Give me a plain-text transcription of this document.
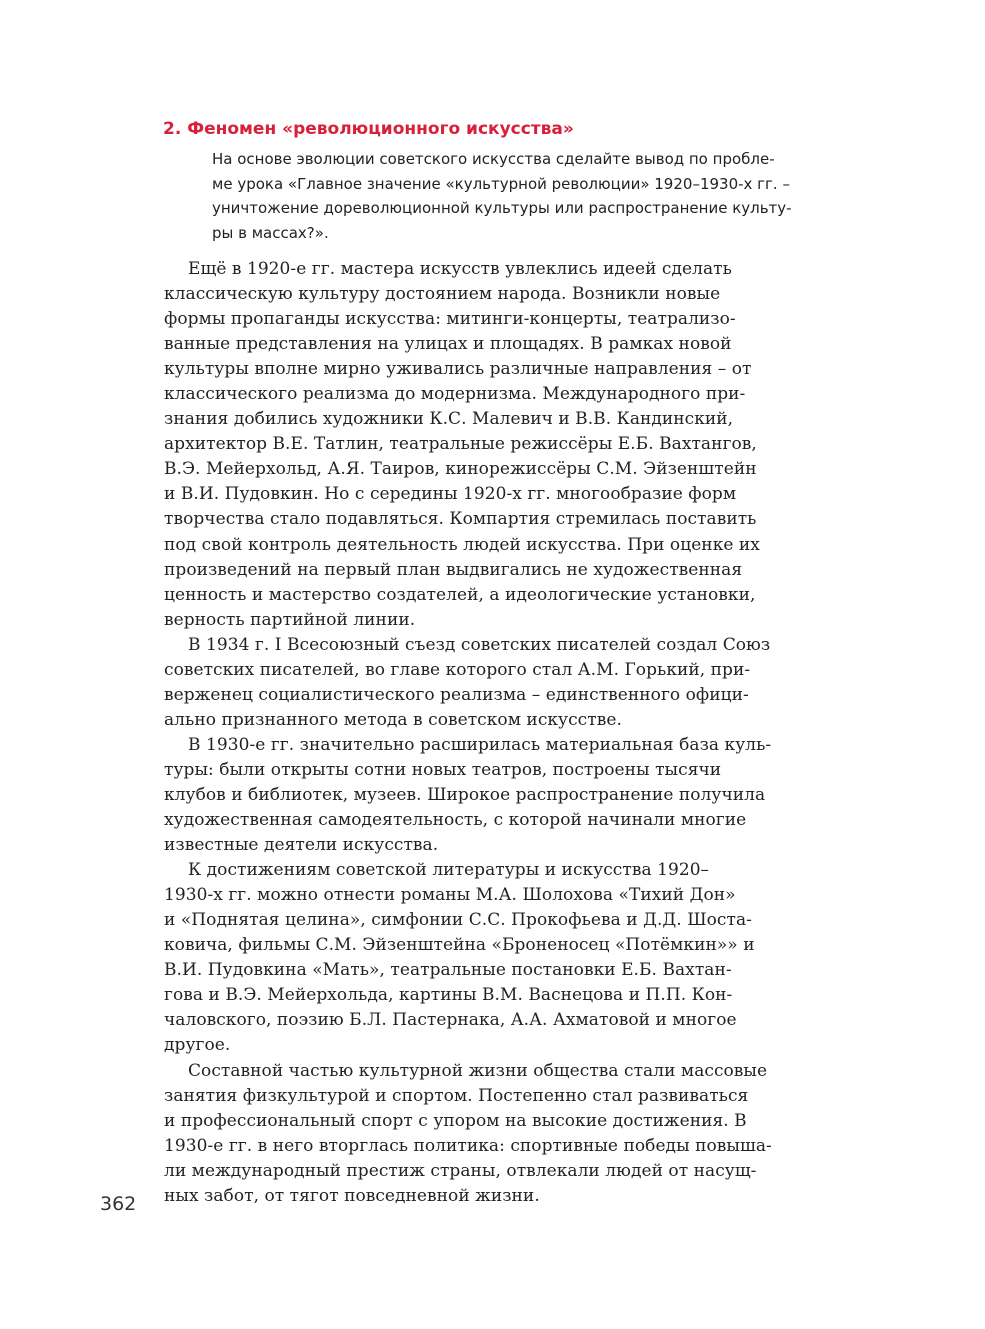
2. Феномен «революционного искусства»
На основе эволюции советского искусства сделайте вывод по пробле-
ме урока «Главное значение «культурной революции» 1920–1930-х гг. –
уничтожение дореволюционной культуры или распространение культу-
ры в массах?».
Ещё в 1920-е гг. мастера искусств увлеклись идеей сделать
классическую культуру достоянием народа. Возникли новые
формы пропаганды искусства: митинги-концерты, театрализо-
ванные представления на улицах и площадях. В рамках новой
культуры вполне мирно уживались различные направления – от
классического реализма до модернизма. Международного при-
знания добились художники К.С. Малевич и В.В. Кандинский,
архитектор В.Е. Татлин, театральные режиссёры Е.Б. Вахтангов,
В.Э. Мейерхольд, А.Я. Таиров, кинорежиссёры С.М. Эйзенштейн
и В.И. Пудовкин. Но с середины 1920-х гг. многообразие форм
творчества стало подавляться. Компартия стремилась поставить
под свой контроль деятельность людей искусства. При оценке их
произведений на первый план выдвигались не художественная
ценность и мастерство создателей, а идеологические установки,
верность партийной линии.
В 1934 г. I Всесоюзный съезд советских писателей создал Союз
советских писателей, во главе которого стал А.М. Горький, при-
верженец социалистического реализма – единственного офици-
ально признанного метода в советском искусстве.
В 1930-е гг. значительно расширилась материальная база куль-
туры: были открыты сотни новых театров, построены тысячи
клубов и библиотек, музеев. Широкое распространение получила
художественная самодеятельность, с которой начинали многие
известные деятели искусства.
К достижениям советской литературы и искусства 1920–
1930-х гг. можно отнести романы М.А. Шолохова «Тихий Дон»
и «Поднятая целина», симфонии С.С. Прокофьева и Д.Д. Шоста-
ковича, фильмы С.М. Эйзенштейна «Броненосец «Потёмкин»» и
В.И. Пудовкина «Мать», театральные постановки Е.Б. Вахтан-
гова и В.Э. Мейерхольда, картины В.М. Васнецова и П.П. Кон-
чаловского, поэзию Б.Л. Пастернака, А.А. Ахматовой и многое
другое.
Составной частью культурной жизни общества стали массовые
занятия физкультурой и спортом. Постепенно стал развиваться
и профессиональный спорт с упором на высокие достижения. В
1930-е гг. в него вторглась политика: спортивные победы повыша-
ли международный престиж страны, отвлекали людей от насущ-
ных забот, от тягот повседневной жизни.

362
